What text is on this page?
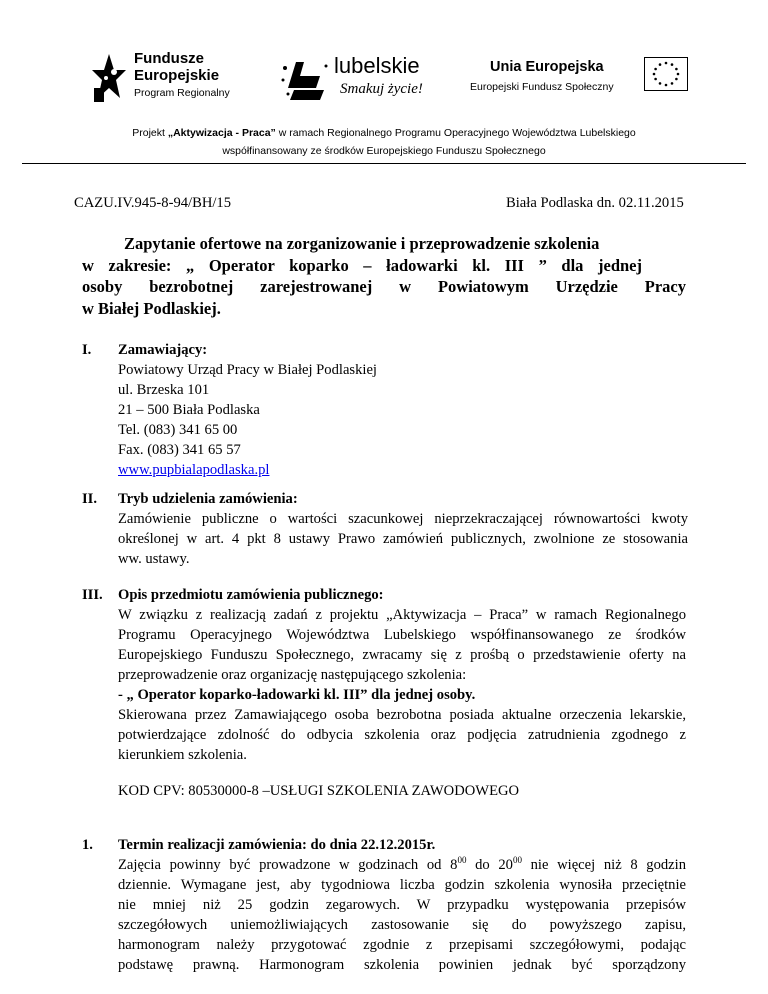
Fundusze
Europejskie
Program Regionalny
lubelskie
Smakuj życie!
Unia Europejska
Europejski Fundusz Społeczny
Projekt „Aktywizacja - Praca” w ramach Regionalnego Programu Operacyjnego Województwa Lubelskiego
współfinansowany ze środków Europejskiego Funduszu Społecznego
CAZU.IV.945-8-94/BH/15	Biała Podlaska dn. 02.11.2015
Zapytanie ofertowe na zorganizowanie i przeprowadzenie szkolenia
w zakresie: „ Operator koparko – ładowarki kl. III ” dla jednej
osoby bezrobotnej zarejestrowanej w Powiatowym Urzędzie Pracy
w Białej Podlaskiej.
I. Zamawiający:
Powiatowy Urząd Pracy w Białej Podlaskiej
ul. Brzeska 101
21 – 500 Biała Podlaska
Tel. (083) 341 65 00
Fax. (083) 341 65 57
www.pupbialapodlaska.pl
II. Tryb udzielenia zamówienia:
Zamówienie publiczne o wartości szacunkowej nieprzekraczającej równowartości kwoty
określonej w art. 4 pkt 8 ustawy Prawo zamówień publicznych, zwolnione ze stosowania
ww. ustawy.
III. Opis przedmiotu zamówienia publicznego:
W związku z realizacją zadań z projektu „Aktywizacja – Praca” w ramach Regionalnego
Programu Operacyjnego Województwa Lubelskiego współfinansowanego ze środków
Europejskiego Funduszu Społecznego, zwracamy się z prośbą o przedstawienie oferty na
przeprowadzenie oraz organizację następującego szkolenia:
- „ Operator koparko-ładowarki kl. III” dla jednej osoby.
Skierowana przez Zamawiającego osoba bezrobotna posiada aktualne orzeczenia lekarskie,
potwierdzające zdolność do odbycia szkolenia oraz podjęcia zatrudnienia zgodnego z
kierunkiem szkolenia.
KOD CPV: 80530000-8 –USŁUGI SZKOLENIA ZAWODOWEGO
1. Termin realizacji zamówienia: do dnia 22.12.2015r.
Zajęcia powinny być prowadzone w godzinach od $8^{00}$ do $20^{00}$ nie więcej niż 8 godzin
dziennie. Wymagane jest, aby tygodniowa liczba godzin szkolenia wynosiła przeciętnie
nie mniej niż 25 godzin zegarowych. W przypadku występowania przepisów
szczegółowych uniemożliwiających zastosowanie się do powyższego zapisu,
harmonogram należy przygotować zgodnie z przepisami szczegółowymi, podając
podstawę prawną. Harmonogram szkolenia powinien jednak być sporządzony
